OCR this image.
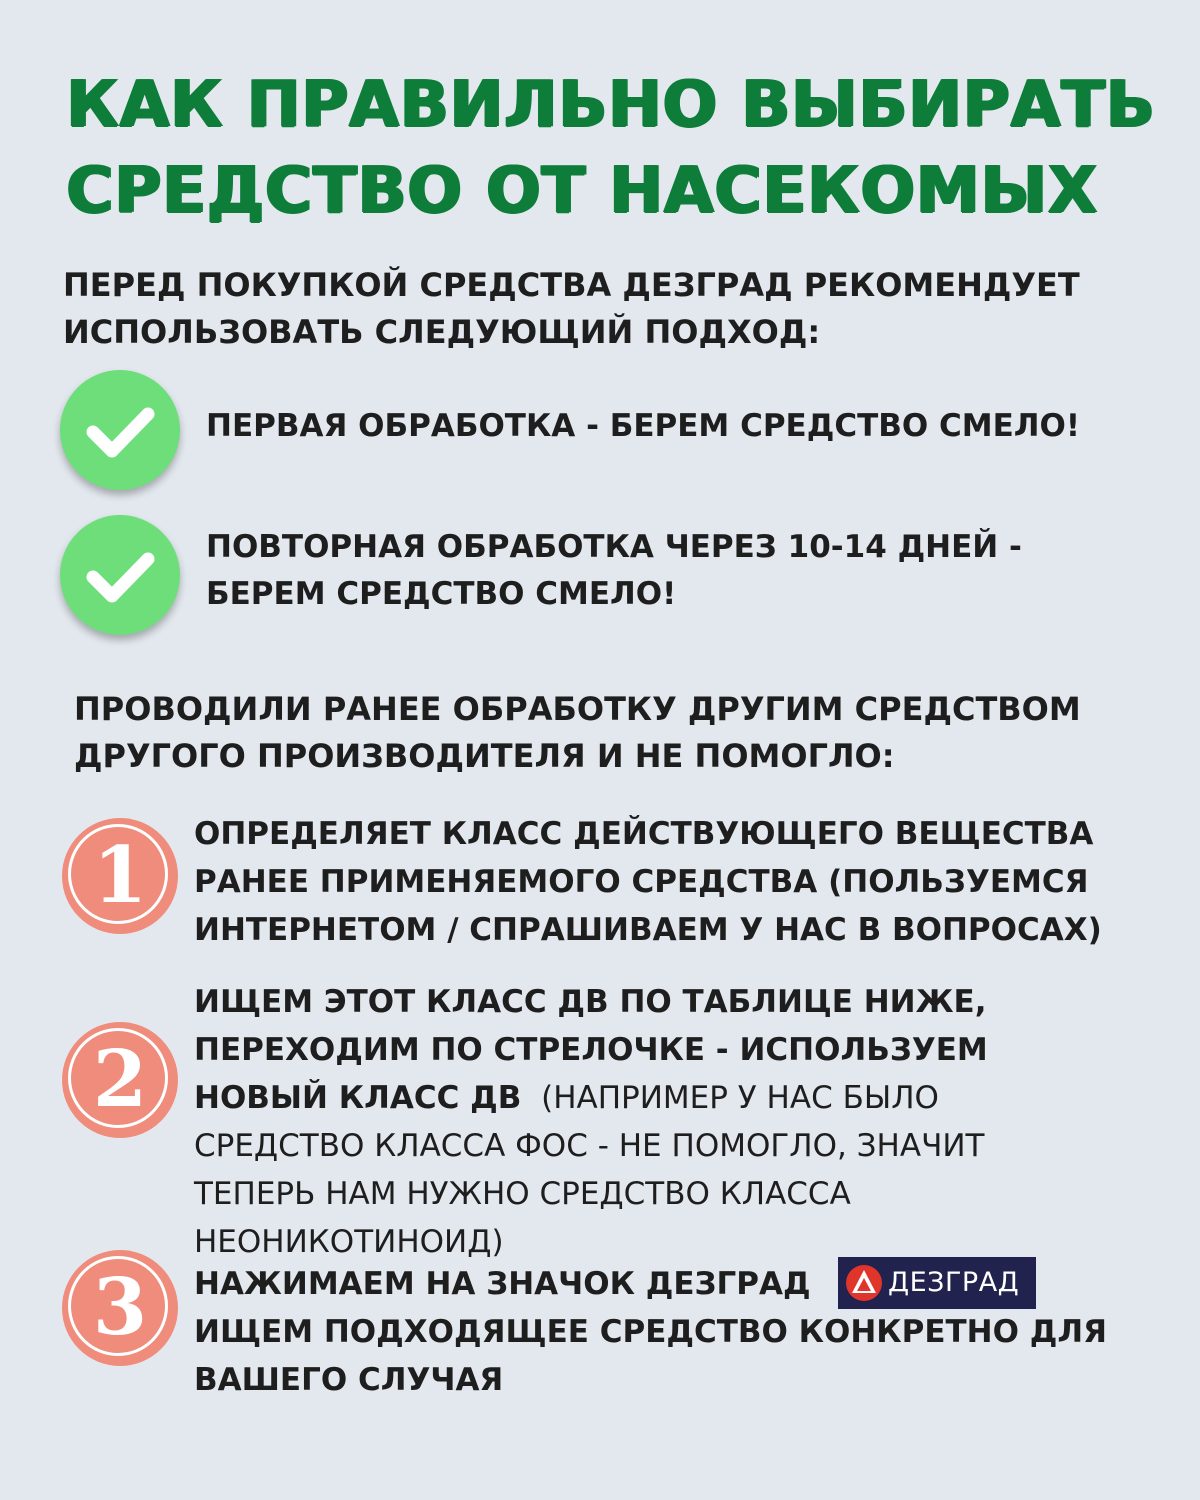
КАК ПРАВИЛЬНО ВЫБИРАТЬ
СРЕДСТВО ОТ НАСЕКОМЫХ
ПЕРЕД ПОКУПКОЙ СРЕДСТВА ДЕЗГРАД РЕКОМЕНДУЕТ
ИСПОЛЬЗОВАТЬ СЛЕДУЮЩИЙ ПОДХОД:
ПЕРВАЯ ОБРАБОТКА - БЕРЕМ СРЕДСТВО СМЕЛО!
ПОВТОРНАЯ ОБРАБОТКА ЧЕРЕЗ 10-14 ДНЕЙ -
БЕРЕМ СРЕДСТВО СМЕЛО!
ПРОВОДИЛИ РАНЕЕ ОБРАБОТКУ ДРУГИМ СРЕДСТВОМ
ДРУГОГО ПРОИЗВОДИТЕЛЯ И НЕ ПОМОГЛО:
1	ОПРЕДЕЛЯЕТ КЛАСС ДЕЙСТВУЮЩЕГО ВЕЩЕСТВА
РАНЕЕ ПРИМЕНЯЕМОГО СРЕДСТВА (ПОЛЬЗУЕМСЯ
ИНТЕРНЕТОМ / СПРАШИВАЕМ У НАС В ВОПРОСАХ)
2
ИЩЕМ ЭТОТ КЛАСС ДВ ПО ТАБЛИЦЕ НИЖЕ,
ПЕРЕХОДИМ ПО СТРЕЛОЧКЕ - ИСПОЛЬЗУЕМ
НОВЫЙ КЛАСС ДВ (НАПРИМЕР У НАС БЫЛО
СРЕДСТВО КЛАССА ФОС - НЕ ПОМОГЛО, ЗНАЧИТ
ТЕПЕРЬ НАМ НУЖНО СРЕДСТВО КЛАССА
НЕОНИКОТИНОИД)
3	НАЖИМАЕМ НА ЗНАЧОК ДЕЗГРАД
ИЩЕМ ПОДХОДЯЩЕЕ СРЕДСТВО КОНКРЕТНО ДЛЯ
ВАШЕГО СЛУЧАЯ
ДЕЗГРАД
